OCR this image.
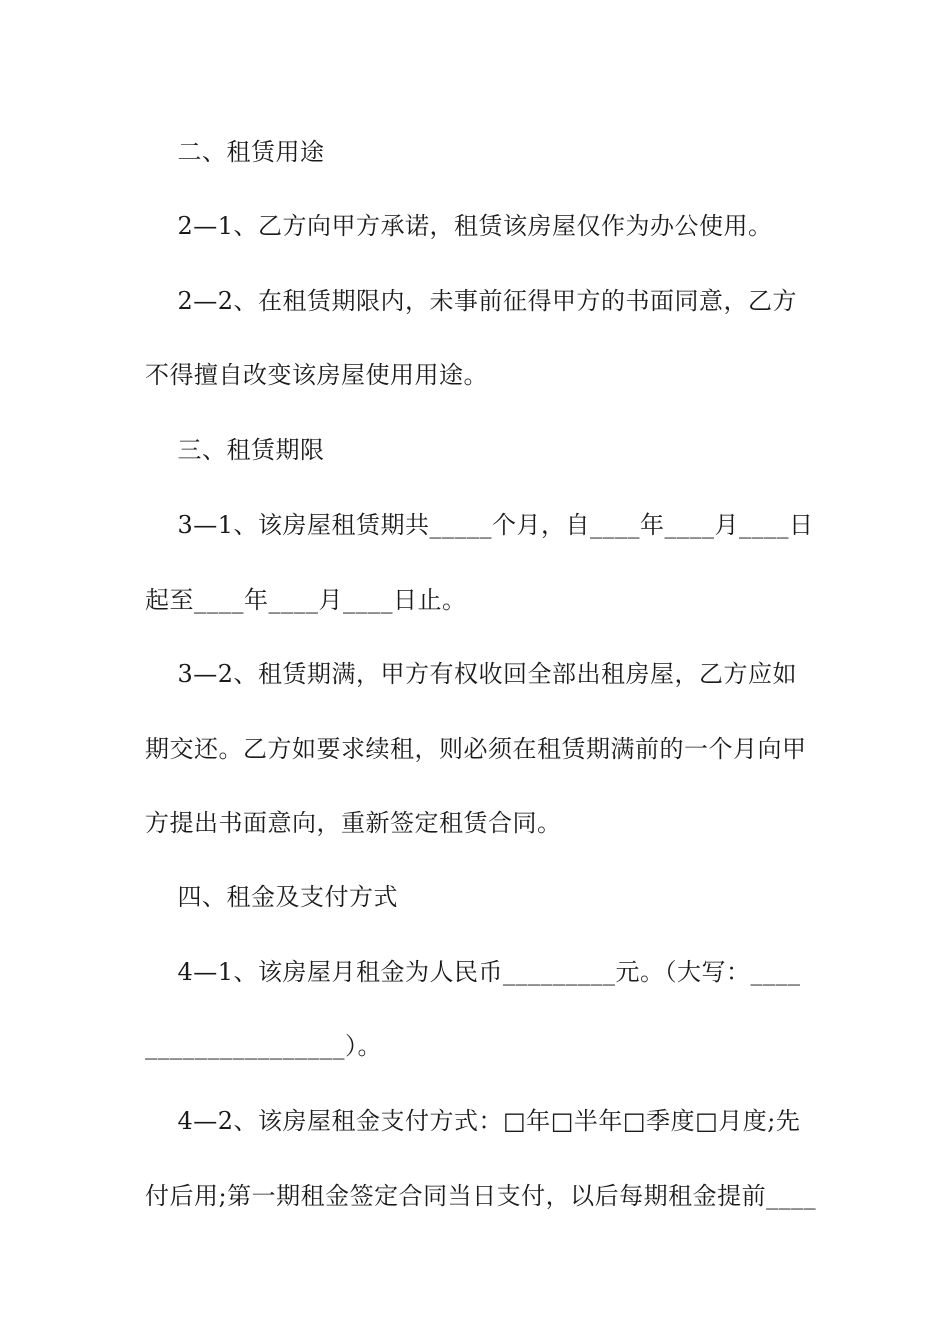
二、租赁用途
2—1、乙方向甲方承诺，租赁该房屋仅作为办公使用。
2—2、在租赁期限内，未事前征得甲方的书面同意，乙方
不得擅自改变该房屋使用用途。
三、租赁期限
3—1、该房屋租赁期共_____个月，自____年____月____日
起至____年____月____日止。
3—2、租赁期满，甲方有权收回全部出租房屋，乙方应如
期交还。乙方如要求续租，则必须在租赁期满前的一个月向甲
方提出书面意向，重新签定租赁合同。
四、租金及支付方式
4—1、该房屋月租金为人民币_________元。（大写：____
________________）。
4—2、该房屋租金支付方式：□年□半年□季度□月度;先
付后用;第一期租金签定合同当日支付，以后每期租金提前____
